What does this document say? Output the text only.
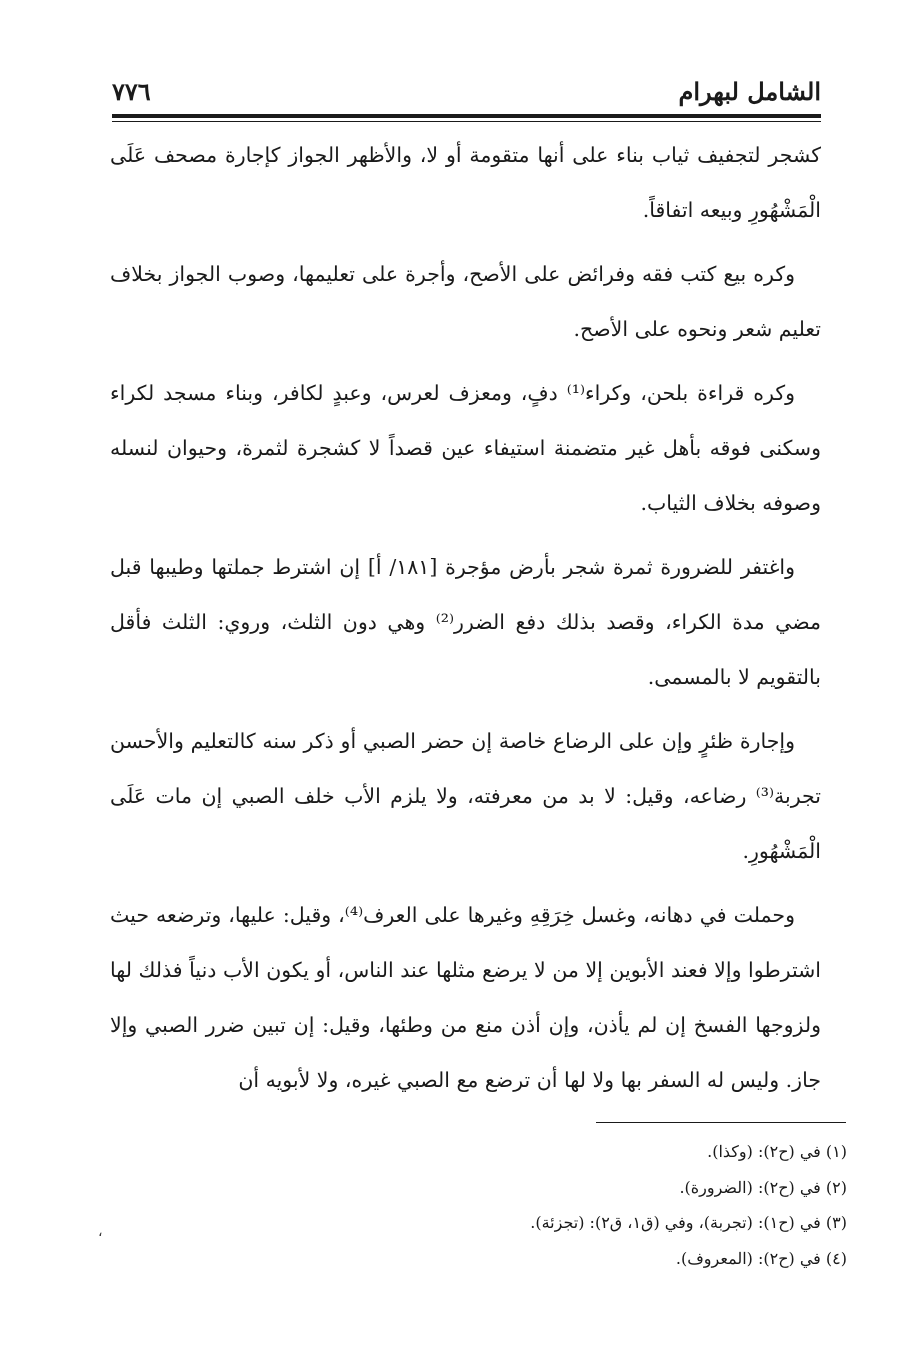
٧٧٦	الشامل لبهرام

كشجر لتجفيف ثياب بناء على أنها متقومة أو لا، والأظهر الجواز كإجارة مصحف عَلَى الْمَشْهُورِ وبيعه اتفاقاً.

وكره بيع كتب فقه وفرائض على الأصح، وأجرة على تعليمها، وصوب الجواز بخلاف تعليم شعر ونحوه على الأصح.

وكره قراءة بلحن، وكراء⁽¹⁾ دفٍ، ومعزف لعرس، وعبدٍ لكافر، وبناء مسجد لكراء وسكنى فوقه بأهل غير متضمنة استيفاء عين قصداً لا كشجرة لثمرة، وحيوان لنسله وصوفه بخلاف الثياب.

واغتفر للضرورة ثمرة شجر بأرض مؤجرة [١٨١/ أ] إن اشترط جملتها وطيبها قبل مضي مدة الكراء، وقصد بذلك دفع الضرر⁽²⁾ وهي دون الثلث، وروي: الثلث فأقل بالتقويم لا بالمسمى.

وإجارة ظئرٍ وإن على الرضاع خاصة إن حضر الصبي أو ذكر سنه كالتعليم والأحسن تجربة⁽³⁾ رضاعه، وقيل: لا بد من معرفته، ولا يلزم الأب خلف الصبي إن مات عَلَى الْمَشْهُورِ.

وحملت في دهانه، وغسل خِرَقِهِ وغيرها على العرف⁽⁴⁾، وقيل: عليها، وترضعه حيث اشترطوا وإلا فعند الأبوين إلا من لا يرضع مثلها عند الناس، أو يكون الأب دنياً فذلك لها ولزوجها الفسخ إن لم يأذن، وإن أذن منع من وطئها، وقيل: إن تبين ضرر الصبي وإلا جاز. وليس له السفر بها ولا لها أن ترضع مع الصبي غيره، ولا لأبويه أن

(١) في (ح٢): (وكذا).
(٢) في (ح٢): (الضرورة).
(٣) في (ح١): (تجربة)، وفي (ق١، ق٢): (تجزئة).
(٤) في (ح٢): (المعروف).
،
